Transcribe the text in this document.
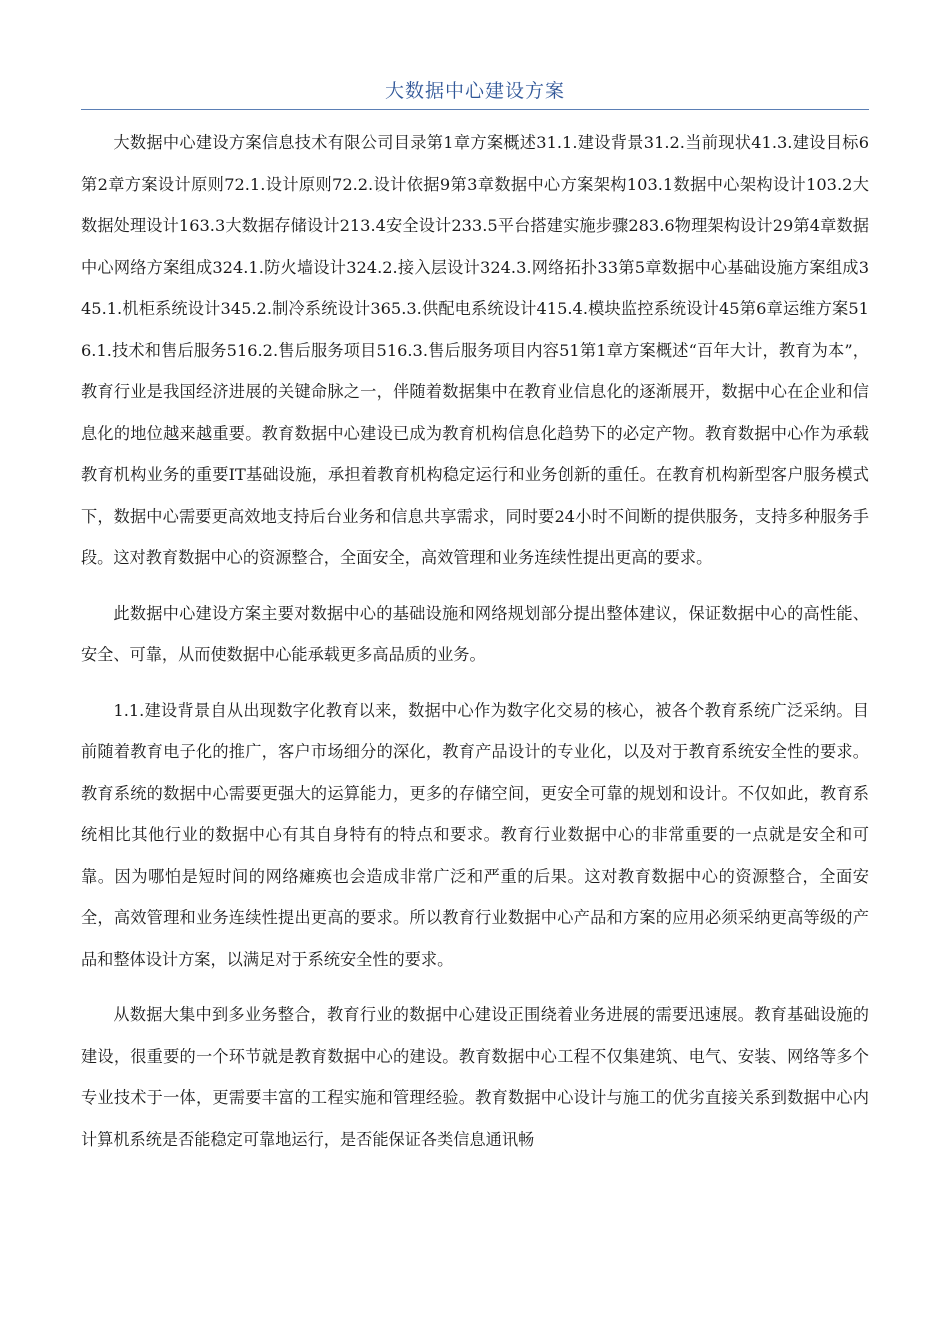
大数据中心建设方案

大数据中心建设方案信息技术有限公司目录第1章方案概述31.1.建设背景31.2.当前现状41.3.建设目标6第2章方案设计原则72.1.设计原则72.2.设计依据9第3章数据中心方案架构103.1数据中心架构设计103.2大数据处理设计163.3大数据存储设计213.4安全设计233.5平台搭建实施步骤283.6物理架构设计29第4章数据中心网络方案组成324.1.防火墙设计324.2.接入层设计324.3.网络拓扑33第5章数据中心基础设施方案组成345.1.机柜系统设计345.2.制冷系统设计365.3.供配电系统设计415.4.模块监控系统设计45第6章运维方案516.1.技术和售后服务516.2.售后服务项目516.3.售后服务项目内容51第1章方案概述“百年大计，教育为本”，教育行业是我国经济进展的关键命脉之一，伴随着数据集中在教育业信息化的逐渐展开，数据中心在企业和信息化的地位越来越重要。教育数据中心建设已成为教育机构信息化趋势下的必定产物。教育数据中心作为承载教育机构业务的重要IT基础设施，承担着教育机构稳定运行和业务创新的重任。在教育机构新型客户服务模式下，数据中心需要更高效地支持后台业务和信息共享需求，同时要24小时不间断的提供服务，支持多种服务手段。这对教育数据中心的资源整合，全面安全，高效管理和业务连续性提出更高的要求。

此数据中心建设方案主要对数据中心的基础设施和网络规划部分提出整体建议，保证数据中心的高性能、安全、可靠，从而使数据中心能承载更多高品质的业务。

1.1.建设背景自从出现数字化教育以来，数据中心作为数字化交易的核心，被各个教育系统广泛采纳。目前随着教育电子化的推广，客户市场细分的深化，教育产品设计的专业化，以及对于教育系统安全性的要求。教育系统的数据中心需要更强大的运算能力，更多的存储空间，更安全可靠的规划和设计。不仅如此，教育系统相比其他行业的数据中心有其自身特有的特点和要求。教育行业数据中心的非常重要的一点就是安全和可靠。因为哪怕是短时间的网络瘫痪也会造成非常广泛和严重的后果。这对教育数据中心的资源整合，全面安全，高效管理和业务连续性提出更高的要求。所以教育行业数据中心产品和方案的应用必须采纳更高等级的产品和整体设计方案，以满足对于系统安全性的要求。

从数据大集中到多业务整合，教育行业的数据中心建设正围绕着业务进展的需要迅速展。教育基础设施的建设，很重要的一个环节就是教育数据中心的建设。教育数据中心工程不仅集建筑、电气、安装、网络等多个专业技术于一体，更需要丰富的工程实施和管理经验。教育数据中心设计与施工的优劣直接关系到数据中心内计算机系统是否能稳定可靠地运行，是否能保证各类信息通讯畅
